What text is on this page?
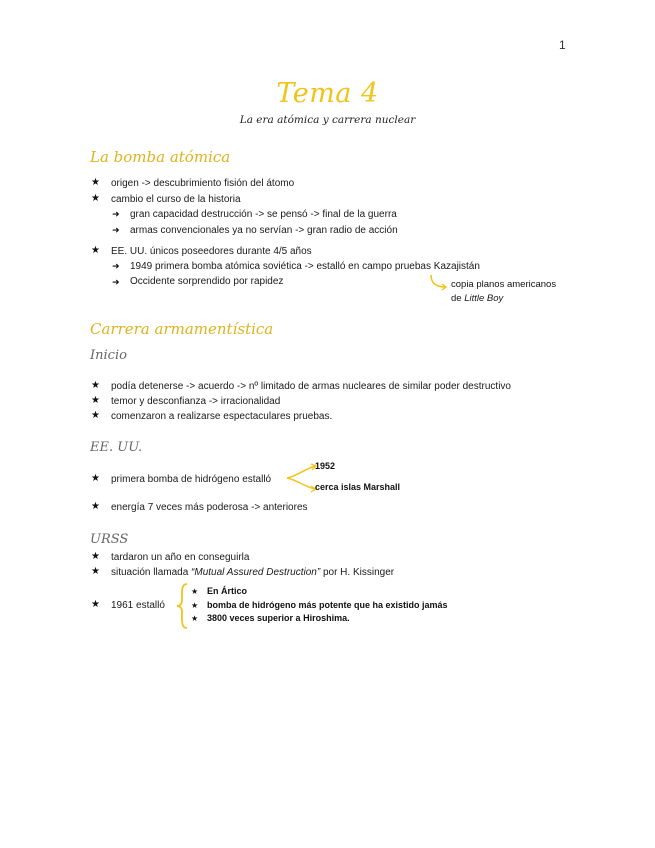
1
Tema 4
La era atómica y carrera nuclear
La bomba atómica
★ origen -> descubrimiento fisión del átomo
★ cambio el curso de la historia
➜ gran capacidad destrucción -> se pensó -> final de la guerra
➜ armas convencionales ya no servían -> gran radio de acción
★ EE. UU. únicos poseedores durante 4/5 años
➜ 1949 primera bomba atómica soviética -> estalló en campo pruebas Kazajistán
➜ Occidente sorprendido por rapidez	copia planos americanos
de Little Boy
Carrera armamentística
Inicio
★ podía detenerse -> acuerdo -> nº limitado de armas nucleares de similar poder destructivo
★ temor y desconfianza -> irracionalidad
★ comenzaron a realizarse espectaculares pruebas.
EE. UU.
★ primera bomba de hidrógeno estalló
1952
cerca islas Marshall
★ energía 7 veces más poderosa -> anteriores
URSS
★ tardaron un año en conseguirla
★ situación llamada “Mutual Assured Destruction” por H. Kissinger
★ 1961 estalló
★ En Ártico
★ bomba de hidrógeno más potente que ha existido jamás
★ 3800 veces superior a Hiroshima.
